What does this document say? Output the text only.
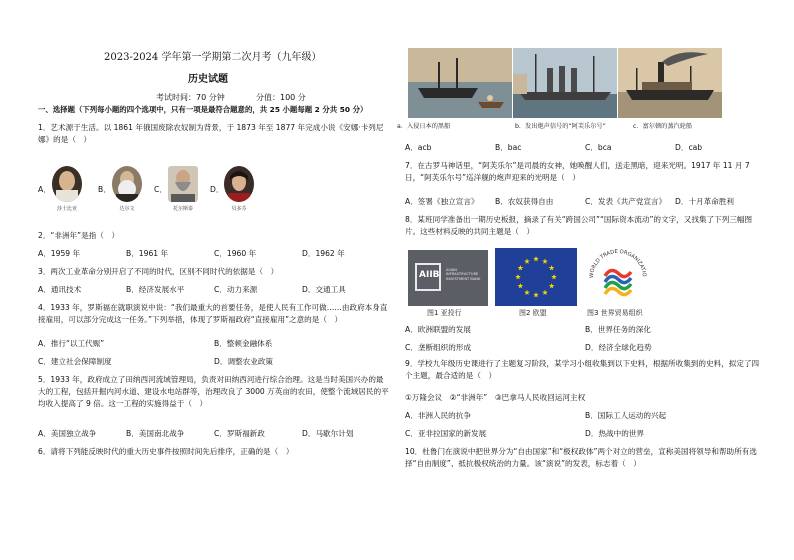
2023-2024 学年第一学期第二次月考（九年级）
历史试题
考试时间：70 分钟	分值：100 分
一、选择题（下列每小题的四个选项中，只有一项是最符合题意的，共 25 小题每题 2 分共 50 分）
1．艺术源于生活。以 1861 年俄国废除农奴制为背景，于 1873 年至 1877 年完成小说《安娜·卡列尼娜》的是（　）
A．
莎士比亚
B．
达尔文
C．
托尔斯泰
D．
贝多芬
2．“非洲年”是指（　）
A．1959 年	B．1961 年	C．1960 年	D．1962 年
3．两次工业革命分别开启了不同的时代，区别不同时代的依据是（　）
A．通讯技术	B．经济发展水平	C．动力来源	D．交通工具
4．1933 年，罗斯福在就职演说中说：“我们最重大的首要任务，是使人民有工作可做……由政府本身直接雇用，可以部分完成这一任务。”下列举措，体现了罗斯福政府“直接雇用”之意的是（　）
A．推行“以工代赈”	B．整顿金融体系
C．建立社会保障制度	D．调整农业政策
5．1933 年，政府成立了田纳西河流域管理局，负责对田纳西河进行综合治理。这是当时美国兴办的最大的工程，包括开掘内河水道、建设水电站群等，治理改良了 3000 万英亩的农田，使整个流域居民的平均收入提高了 9 倍。这一工程的实施得益于（　）
A．美国独立战争	B．美国南北战争	C．罗斯福新政	D．马歇尔计划
6．请将下列能反映时代的重大历史事件按照时间先后排序，正确的是（　）
a．入侵日本的黑船	b．发出炮声信号的“阿芙乐尔号”	c．富尔顿的蒸汽轮船
A．acb	B．bac	C．bca	D．cab
7．在古罗马神话里，“阿芙乐尔”是司晨的女神，她唤醒人们，送走黑暗，迎来光明。1917 年 11 月 7 日，“阿芙乐尔号”巡洋舰的炮声迎来的光明是（　）
A．签署《独立宣言》	B．农奴获得自由	C．发表《共产党宣言》	D．十月革命胜利
8．某班同学准备出一期历史板报，摘录了有关“跨国公司”“国际资本流动”的文字，又找集了下列三幅图片。这些材料反映的共同主题是（　）
AIIB ASIAN INFRASTRUCTURE INVESTMENT BANK
WORLD TRADE ORGANIZATIO
图1 亚投行	图2 欧盟	图3 世界贸易组织
A．欧洲联盟的发展	B．世界任务的深化
C．垄断组织的形成	D．经济全球化趋势
9．学校九年级历史课进行了主题复习阶段，某学习小组收集到以下史料，根据所收集到的史料，拟定了四个主题，最合适的是（　）
①万隆会议　②“非洲年”　③巴拿马人民收回运河主权
A．非洲人民的抗争	B．国际工人运动的兴起
C．亚非拉国家的新发展	D．热战中的世界
10．杜鲁门在演说中把世界分为“自由国家”和“极权政体”两个对立的营垒，宣称美国将领导和帮助所有选择“自由制度”、抵抗极权统治的力量。该“演说”的发表，标志着（　）
